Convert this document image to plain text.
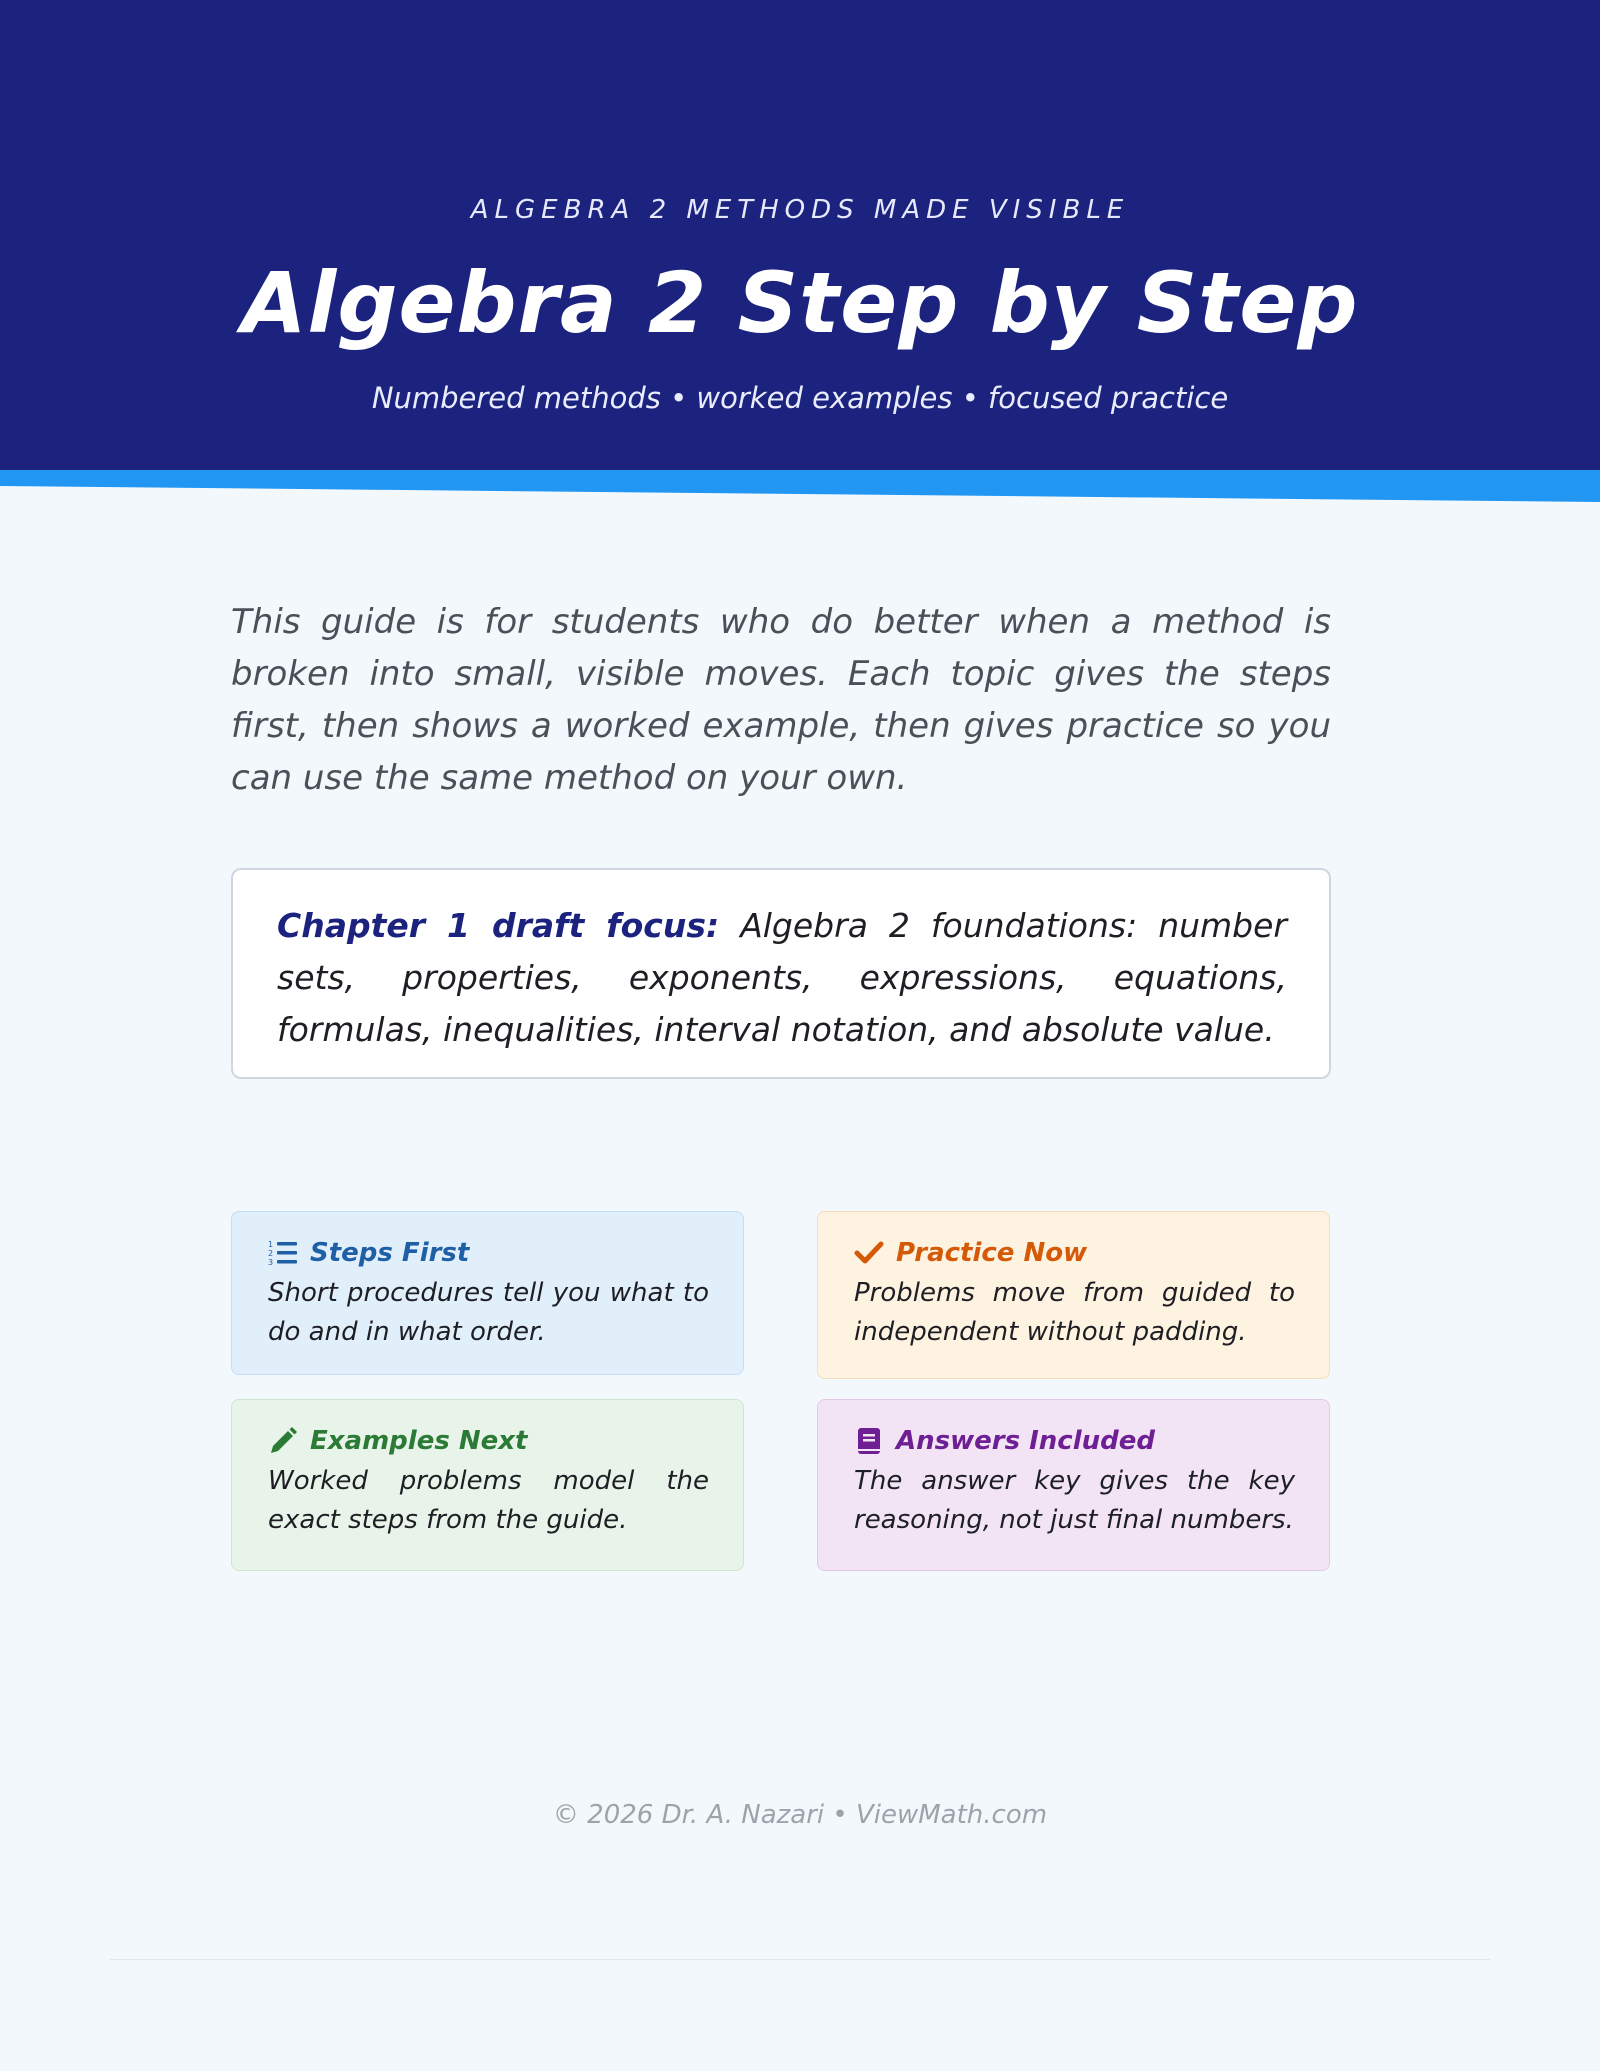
ALGEBRA 2 METHODS MADE VISIBLE
Algebra 2 Step by Step
Numbered methods • worked examples • focused practice

This guide is for students who do better when a method is broken into small, visible moves. Each topic gives the steps first, then shows a worked example, then gives practice so you can use the same method on your own.

Chapter 1 draft focus: Algebra 2 foundations: number sets, properties, exponents, expressions, equations, formulas, inequalities, interval notation, and absolute value.
1
2
3 Steps First

Short procedures tell you what to do and in what order.

Practice Now

Problems move from guided to independent without padding.

Examples Next

Worked problems model the exact steps from the guide.

Answers Included

The answer key gives the key reasoning, not just final numbers.

© 2026 Dr. A. Nazari • ViewMath.com
